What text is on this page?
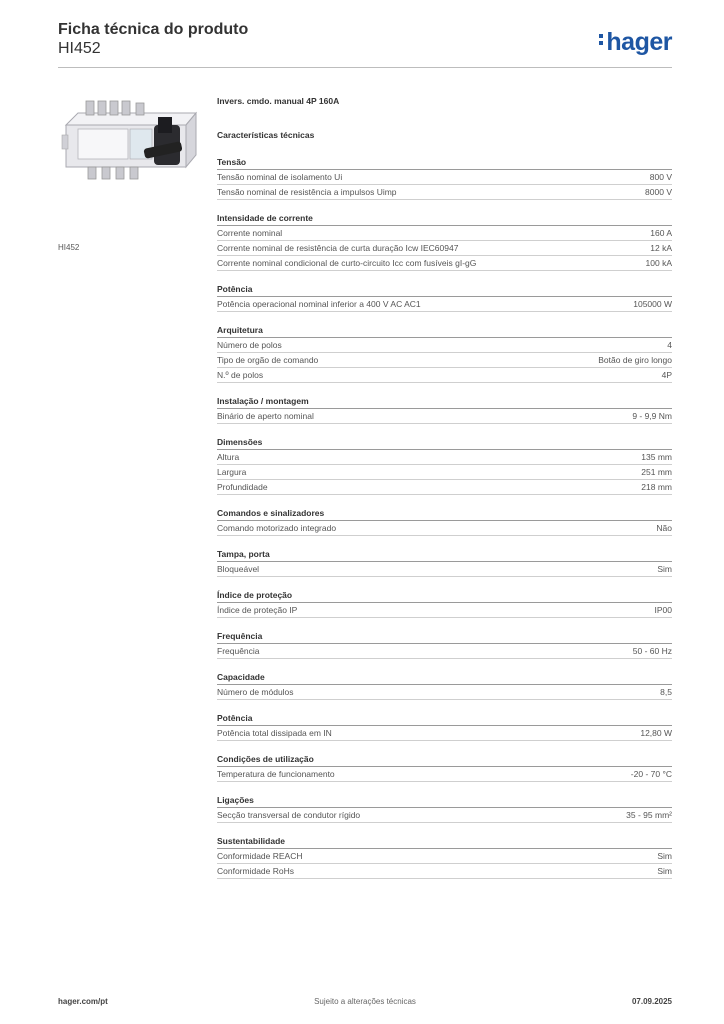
Ficha técnica do produto
HI452	hager
HI452
Invers. cmdo. manual 4P 160A
Características técnicas
Tensão
Tensão nominal de isolamento Ui	800 V
Tensão nominal de resistência a impulsos Uimp	8000 V
Intensidade de corrente
Corrente nominal	160 A
Corrente nominal de resistência de curta duração Icw IEC60947	12 kA
Corrente nominal condicional de curto-circuito Icc com fusíveis gI-gG	100 kA
Potência
Potência operacional nominal inferior a 400 V AC AC1	105000 W
Arquitetura
Número de polos	4
Tipo de orgão de comando	Botão de giro longo
N.º de polos	4P
Instalação / montagem
Binário de aperto nominal	9 - 9,9 Nm
Dimensões
Altura	135 mm
Largura	251 mm
Profundidade	218 mm
Comandos e sinalizadores
Comando motorizado integrado	Não
Tampa, porta
Bloqueável	Sim
Índice de proteção
Índice de proteção IP	IP00
Frequência
Frequência	50 - 60 Hz
Capacidade
Número de módulos	8,5
Potência
Potência total dissipada em IN	12,80 W
Condições de utilização
Temperatura de funcionamento	-20 - 70 °C
Ligações
Secção transversal de condutor rígido	35 - 95 mm²
Sustentabilidade
Conformidade REACH	Sim
Conformidade RoHs	Sim
hager.com/pt	Sujeito a alterações técnicas	07.09.2025
